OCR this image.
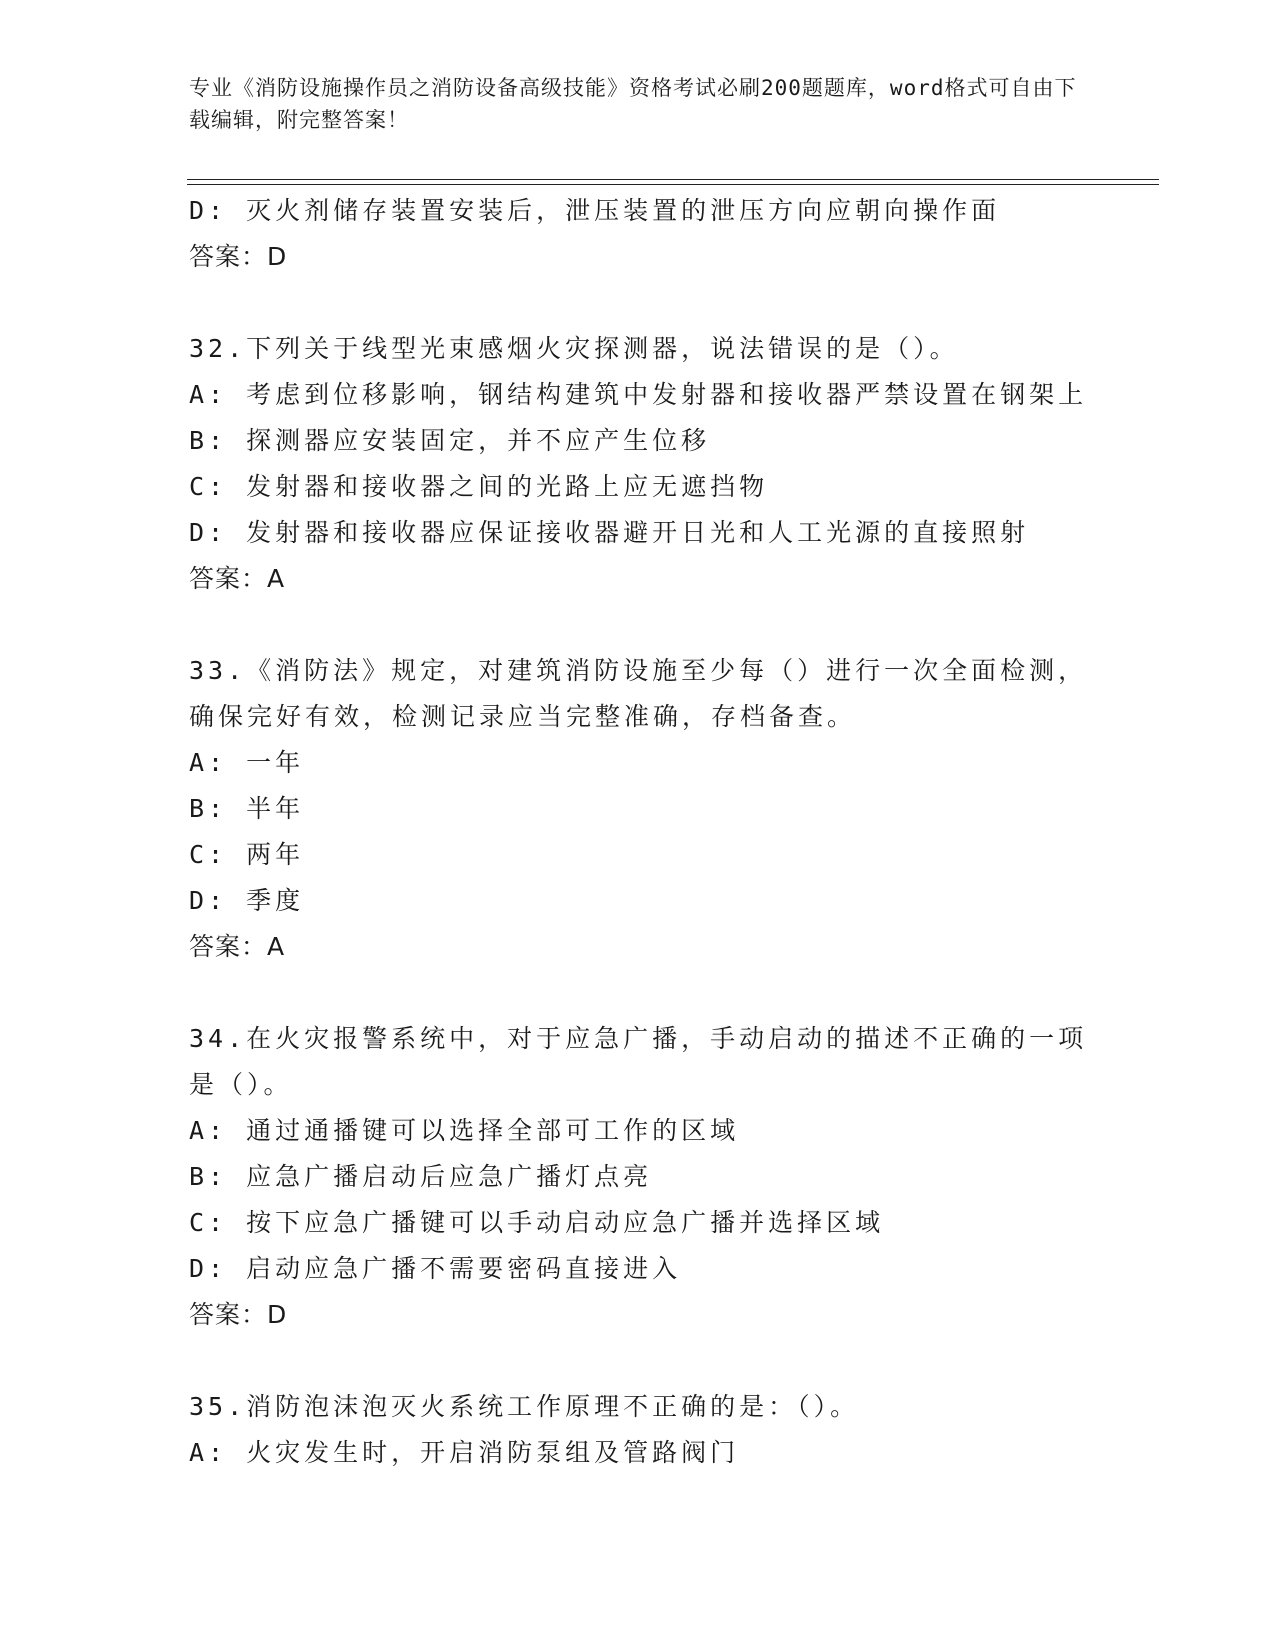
专业《消防设施操作员之消防设备高级技能》资格考试必刷200题题库，word格式可自由下载编辑，附完整答案！
D: 灭火剂储存装置安装后，泄压装置的泄压方向应朝向操作面
答案：D
32.下列关于线型光束感烟火灾探测器，说法错误的是（）。
A: 考虑到位移影响，钢结构建筑中发射器和接收器严禁设置在钢架上
B: 探测器应安装固定，并不应产生位移
C: 发射器和接收器之间的光路上应无遮挡物
D: 发射器和接收器应保证接收器避开日光和人工光源的直接照射
答案：A
33.《消防法》规定，对建筑消防设施至少每（）进行一次全面检测，
确保完好有效，检测记录应当完整准确，存档备查。
A: 一年
B: 半年
C: 两年
D: 季度
答案：A
34.在火灾报警系统中，对于应急广播，手动启动的描述不正确的一项
是（）。
A: 通过通播键可以选择全部可工作的区域
B: 应急广播启动后应急广播灯点亮
C: 按下应急广播键可以手动启动应急广播并选择区域
D: 启动应急广播不需要密码直接进入
答案：D
35.消防泡沫泡灭火系统工作原理不正确的是：（）。
A: 火灾发生时，开启消防泵组及管路阀门
